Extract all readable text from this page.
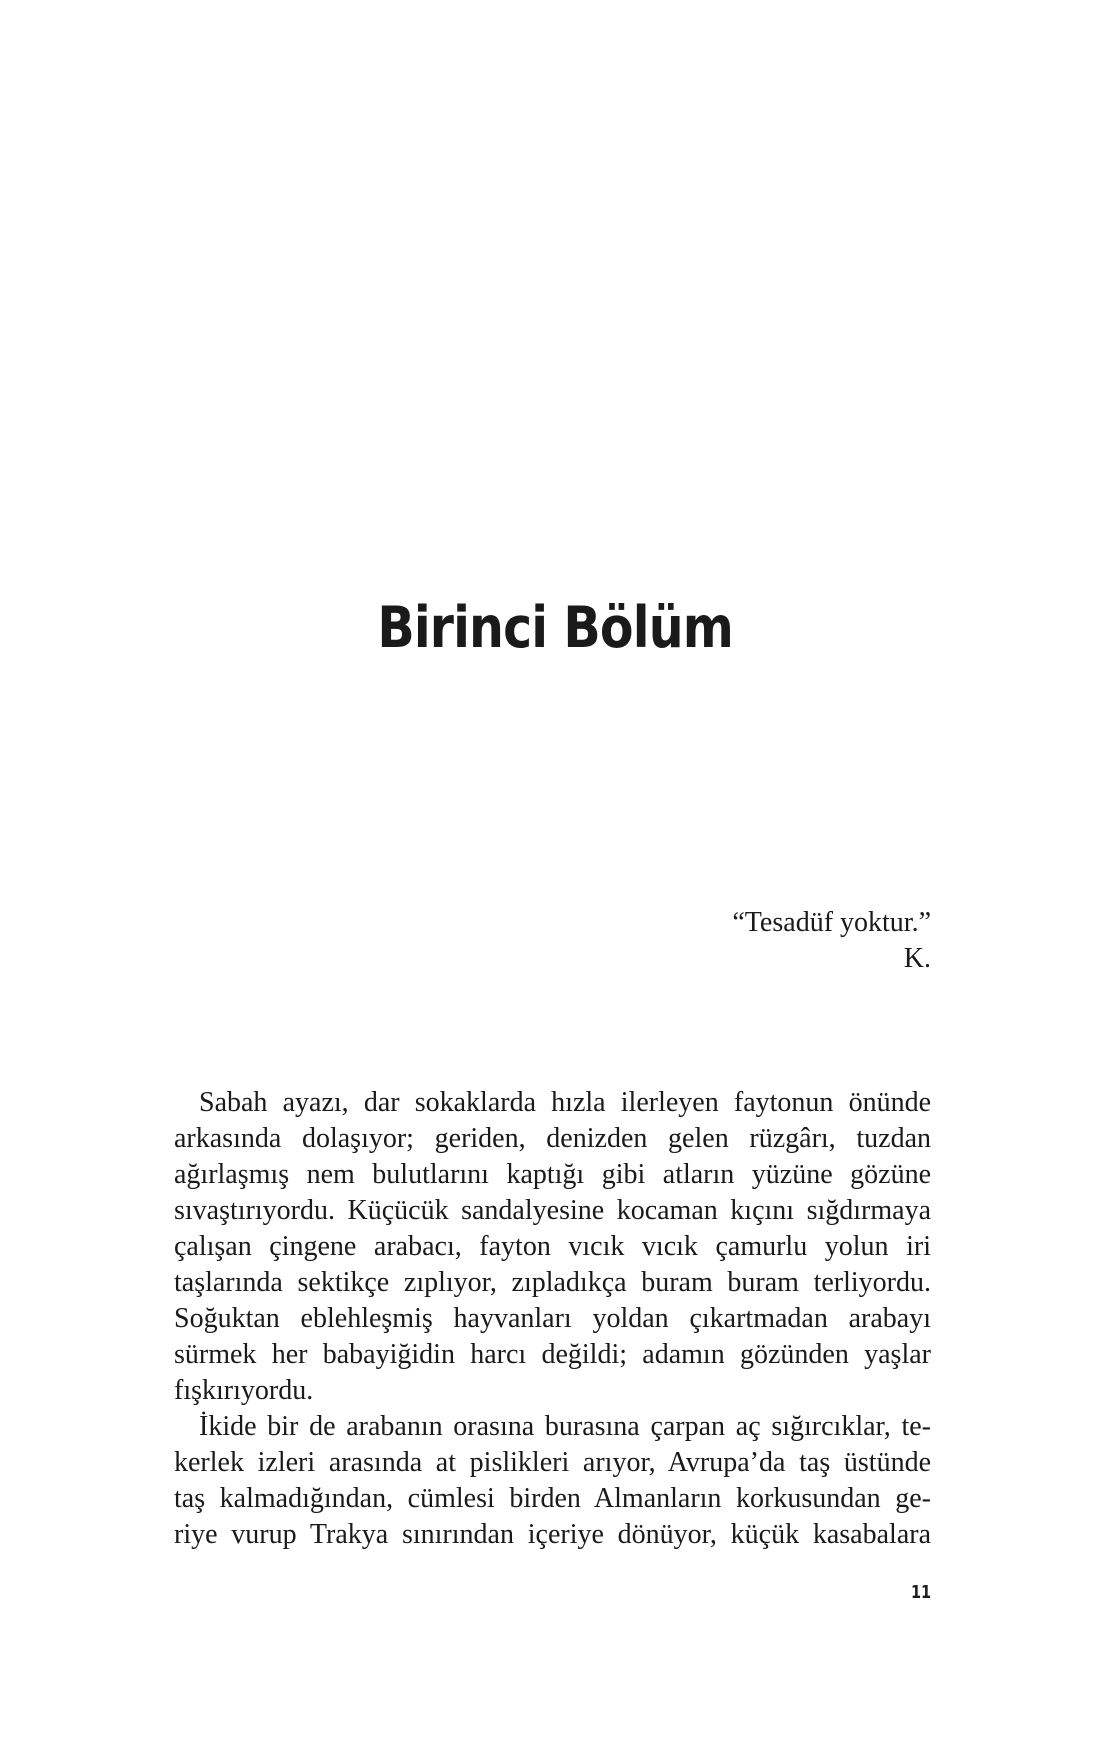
Birinci Bölüm
“Tesadüf yoktur.”
K.
Sabah ayazı, dar sokaklarda hızla ilerleyen faytonun önünde
arkasında dolaşıyor; geriden, denizden gelen rüzgârı, tuzdan
ağırlaşmış nem bulutlarını kaptığı gibi atların yüzüne gözüne
sıvaştırıyordu. Küçücük sandalyesine kocaman kıçını sığdırmaya
çalışan çingene arabacı, fayton vıcık vıcık çamurlu yolun iri
taşlarında sektikçe zıplıyor, zıpladıkça buram buram terliyordu.
Soğuktan eblehleşmiş hayvanları yoldan çıkartmadan arabayı
sürmek her babayiğidin harcı değildi; adamın gözünden yaşlar
fışkırıyordu.
İkide bir de arabanın orasına burasına çarpan aç sığırcıklar, te-
kerlek izleri arasında at pislikleri arıyor, Avrupa’da taş üstünde
taş kalmadığından, cümlesi birden Almanların korkusundan ge-
riye vurup Trakya sınırından içeriye dönüyor, küçük kasabalara
11
